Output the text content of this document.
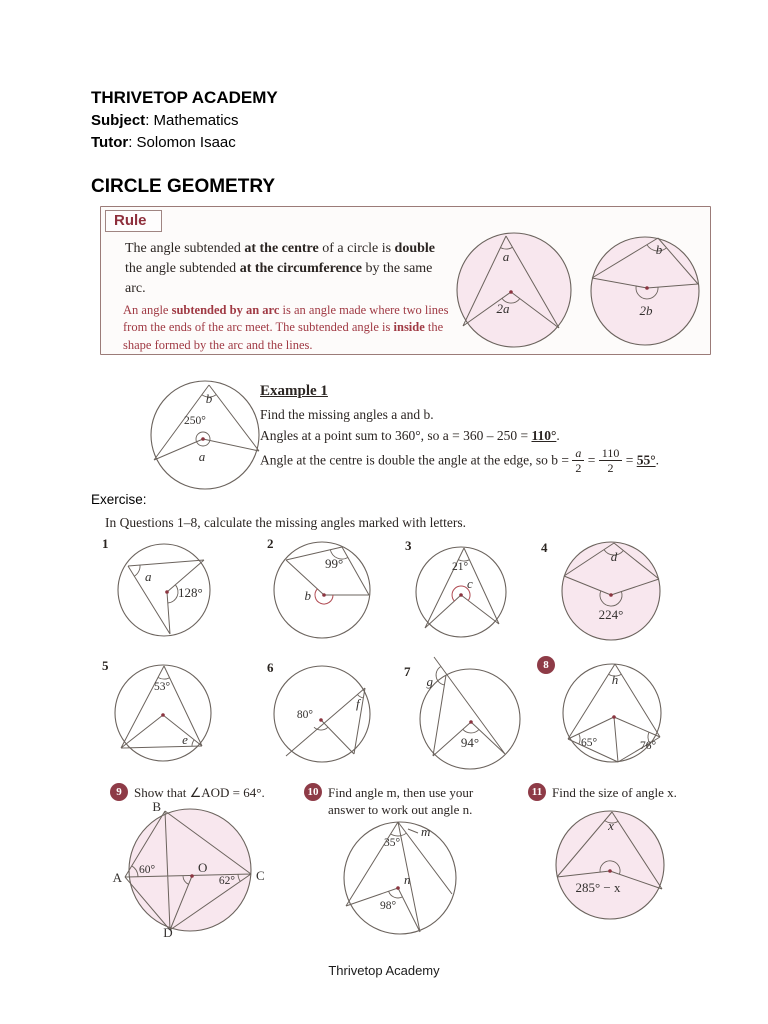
THRIVETOP ACADEMY
Subject: Mathematics
Tutor: Solomon Isaac
CIRCLE GEOMETRY
Rule
The angle subtended at the centre of a circle is double the angle subtended at the circumference by the same arc.
An angle subtended by an arc is an angle made where two lines from the ends of the arc meet. The subtended angle is inside the shape formed by the arc and the lines.
a
2a
b
2b
b
250°
a
Example 1
Find the missing angles a and b.
Angles at a point sum to 360°, so a = 360 – 250 = 110°.
Angle at the centre is double the angle at the edge, so $b = \frac{a}{2} = \frac{110}{2} = 55^\circ$.
Exercise:
In Questions 1–8, calculate the missing angles marked with letters.
1
a
128°
2
99°
b
3
21°
c
4
d
224°
5
53°
e
6
80°
f
7
g
94°
8
h
65°	76°
9 Show that ∠AOD = 64°.
B
A	C
D
O
60°
62°
10 Find angle m, then use your
answer to work out angle n.
m
35°
n
98°
11 Find the size of angle x.
x
285° − x
Thrivetop Academy
